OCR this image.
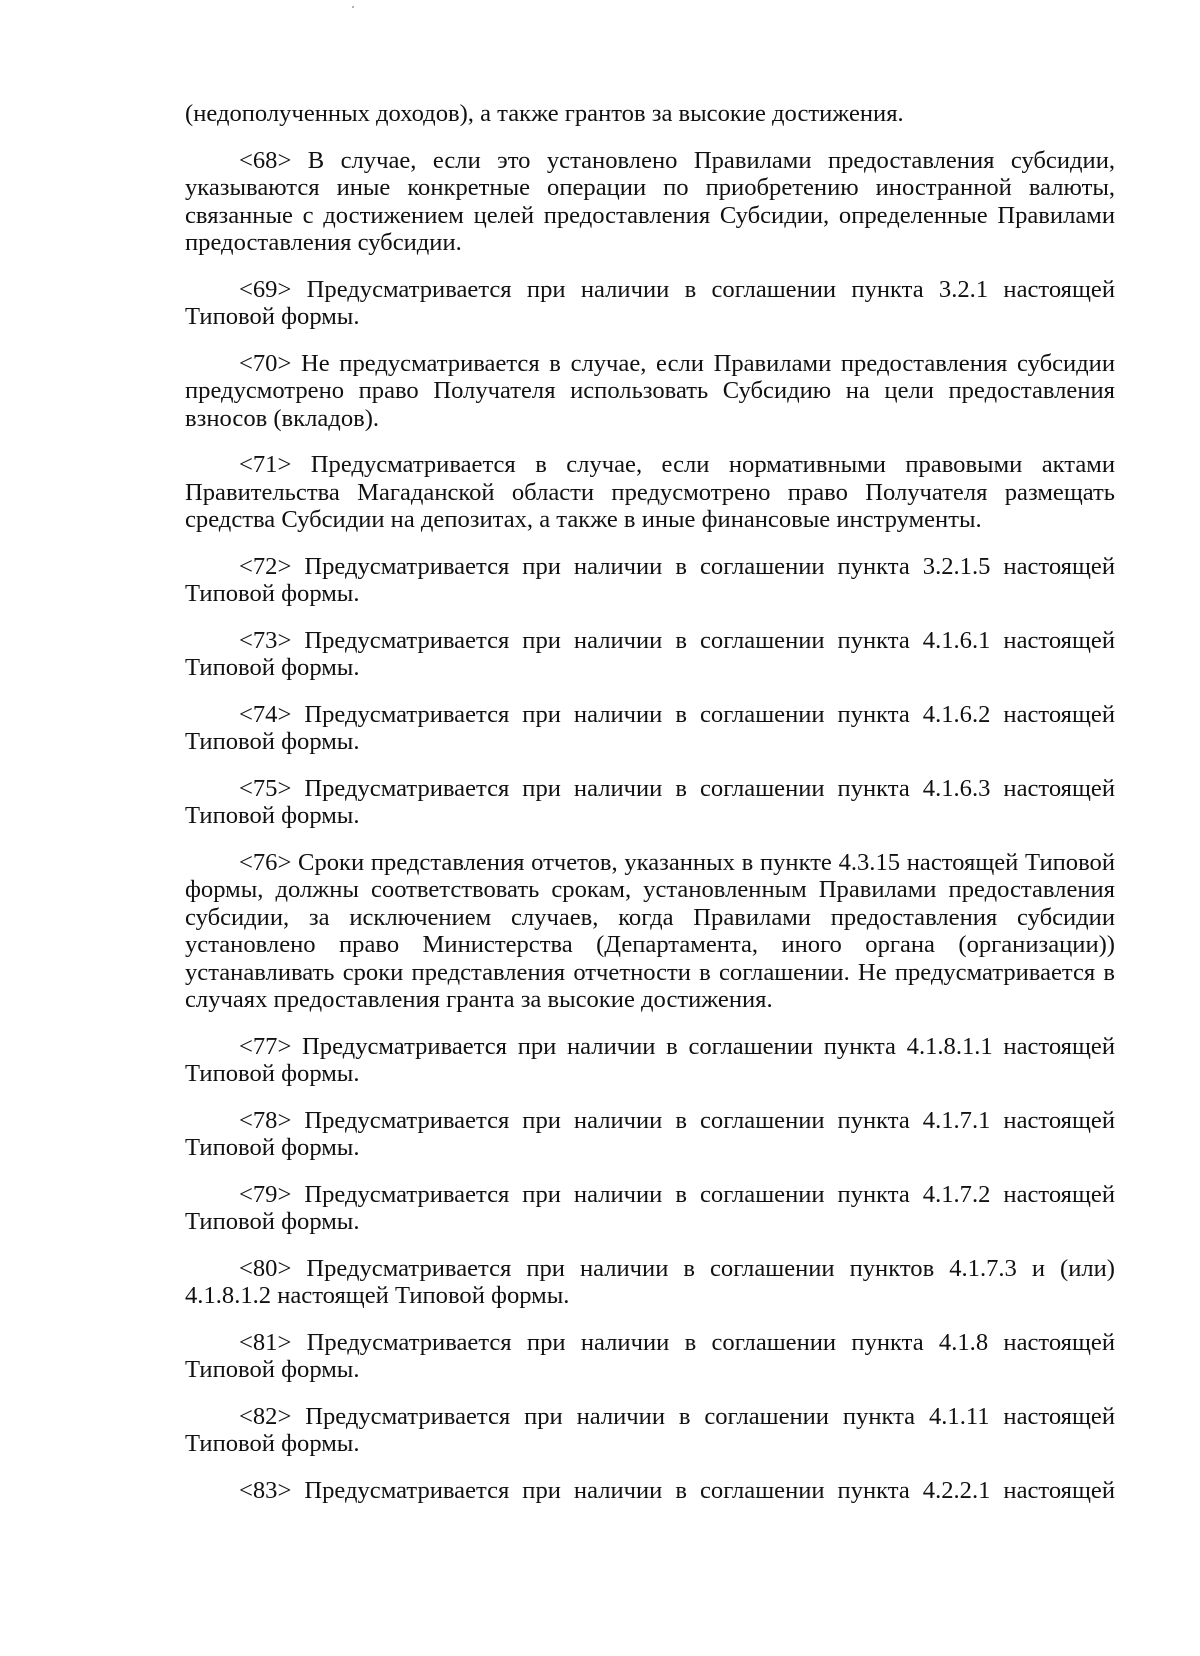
(недополученных доходов), а также грантов за высокие достижения.

<68> В случае, если это установлено Правилами предоставления субсидии, указываются иные конкретные операции по приобретению иностранной валюты, связанные с достижением целей предоставления Субсидии, определенные Правилами предоставления субсидии.

<69> Предусматривается при наличии в соглашении пункта 3.2.1 настоящей Типовой формы.

<70> Не предусматривается в случае, если Правилами предоставления субсидии предусмотрено право Получателя использовать Субсидию на цели предоставления взносов (вкладов).

<71> Предусматривается в случае, если нормативными правовыми актами Правительства Магаданской области предусмотрено право Получателя размещать средства Субсидии на депозитах, а также в иные финансовые инструменты.

<72> Предусматривается при наличии в соглашении пункта 3.2.1.5 настоящей Типовой формы.

<73> Предусматривается при наличии в соглашении пункта 4.1.6.1 настоящей Типовой формы.

<74> Предусматривается при наличии в соглашении пункта 4.1.6.2 настоящей Типовой формы.

<75> Предусматривается при наличии в соглашении пункта 4.1.6.3 настоящей Типовой формы.

<76> Сроки представления отчетов, указанных в пункте 4.3.15 настоящей Типовой формы, должны соответствовать срокам, установленным Правилами предоставления субсидии, за исключением случаев, когда Правилами предоставления субсидии установлено право Министерства (Департамента, иного органа (организации)) устанавливать сроки представления отчетности в соглашении. Не предусматривается в случаях предоставления гранта за высокие достижения.

<77> Предусматривается при наличии в соглашении пункта 4.1.8.1.1 настоящей Типовой формы.

<78> Предусматривается при наличии в соглашении пункта 4.1.7.1 настоящей Типовой формы.

<79> Предусматривается при наличии в соглашении пункта 4.1.7.2 настоящей Типовой формы.

<80> Предусматривается при наличии в соглашении пунктов 4.1.7.3 и (или) 4.1.8.1.2 настоящей Типовой формы.

<81> Предусматривается при наличии в соглашении пункта 4.1.8 настоящей Типовой формы.

<82> Предусматривается при наличии в соглашении пункта 4.1.11 настоящей Типовой формы.

<83> Предусматривается при наличии в соглашении пункта 4.2.2.1 настоящей
